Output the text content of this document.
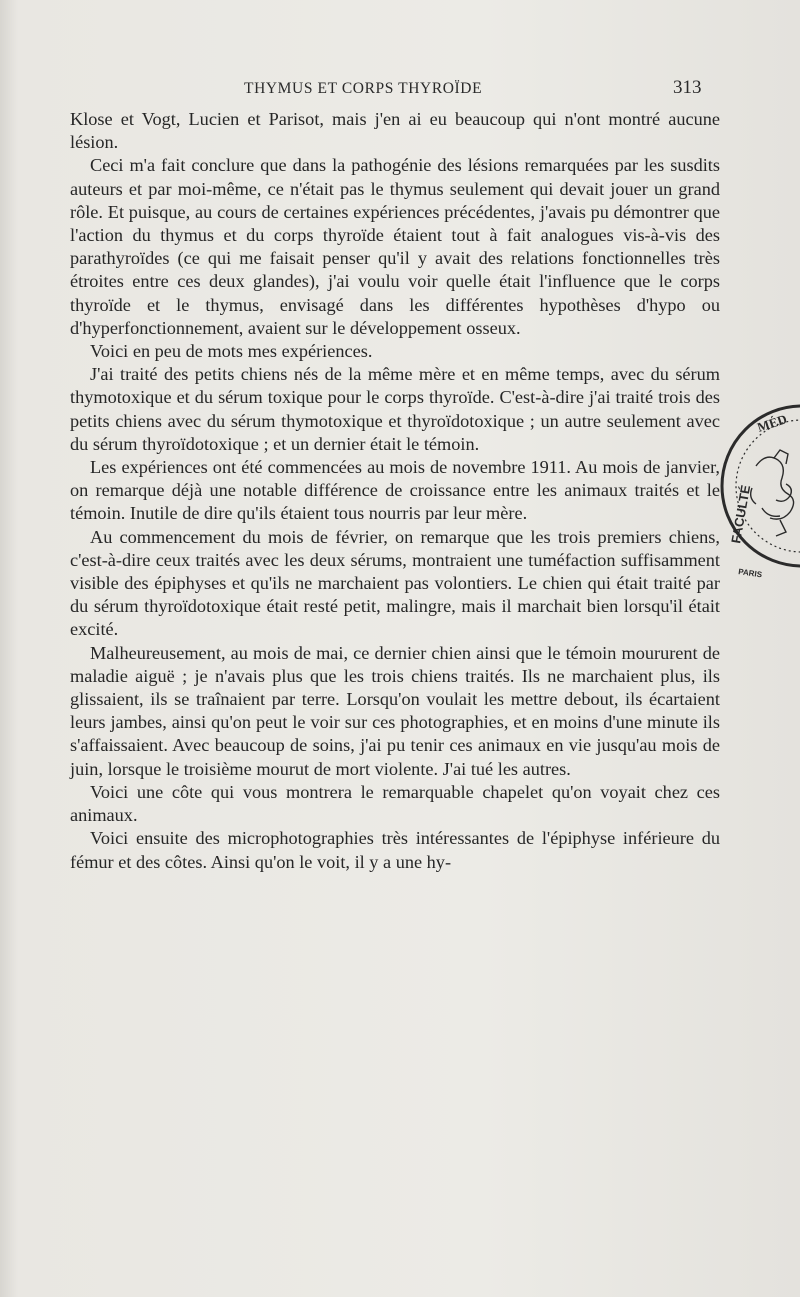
THYMUS ET CORPS THYROÏDE	313

Klose et Vogt, Lucien et Parisot, mais j'en ai eu beaucoup qui n'ont montré aucune lésion.

Ceci m'a fait conclure que dans la pathogénie des lésions remarquées par les susdits auteurs et par moi-même, ce n'était pas le thymus seulement qui devait jouer un grand rôle. Et puisque, au cours de certaines expériences précédentes, j'avais pu démontrer que l'action du thymus et du corps thyroïde étaient tout à fait analogues vis-à-vis des parathyroïdes (ce qui me faisait penser qu'il y avait des relations fonctionnelles très étroites entre ces deux glandes), j'ai voulu voir quelle était l'influence que le corps thyroïde et le thymus, envisagé dans les différentes hypothèses d'hypo ou d'hyperfonctionnement, avaient sur le développement osseux.

Voici en peu de mots mes expériences.

J'ai traité des petits chiens nés de la même mère et en même temps, avec du sérum thymotoxique et du sérum toxique pour le corps thyroïde. C'est-à-dire j'ai traité trois des petits chiens avec du sérum thymotoxique et thyroïdotoxique ; un autre seulement avec du sérum thyroïdotoxique ; et un dernier était le témoin.

Les expériences ont été commencées au mois de novembre 1911. Au mois de janvier, on remarque déjà une notable différence de croissance entre les animaux traités et le témoin. Inutile de dire qu'ils étaient tous nourris par leur mère.

Au commencement du mois de février, on remarque que les trois premiers chiens, c'est-à-dire ceux traités avec les deux sérums, montraient une tuméfaction suffisamment visible des épiphyses et qu'ils ne marchaient pas volontiers. Le chien qui était traité par du sérum thyroïdotoxique était resté petit, malingre, mais il marchait bien lorsqu'il était excité.

Malheureusement, au mois de mai, ce dernier chien ainsi que le témoin moururent de maladie aiguë ; je n'avais plus que les trois chiens traités. Ils ne marchaient plus, ils glissaient, ils se traînaient par terre. Lorsqu'on voulait les mettre debout, ils écartaient leurs jambes, ainsi qu'on peut le voir sur ces photographies, et en moins d'une minute ils s'affaissaient. Avec beaucoup de soins, j'ai pu tenir ces animaux en vie jusqu'au mois de juin, lorsque le troisième mourut de mort violente. J'ai tué les autres.

Voici une côte qui vous montrera le remarquable chapelet qu'on voyait chez ces animaux.

Voici ensuite des microphotographies très intéressantes de l'épiphyse inférieure du fémur et des côtes. Ainsi qu'on le voit, il y a une hy-

MÉD
FACULTÉ
PARIS
